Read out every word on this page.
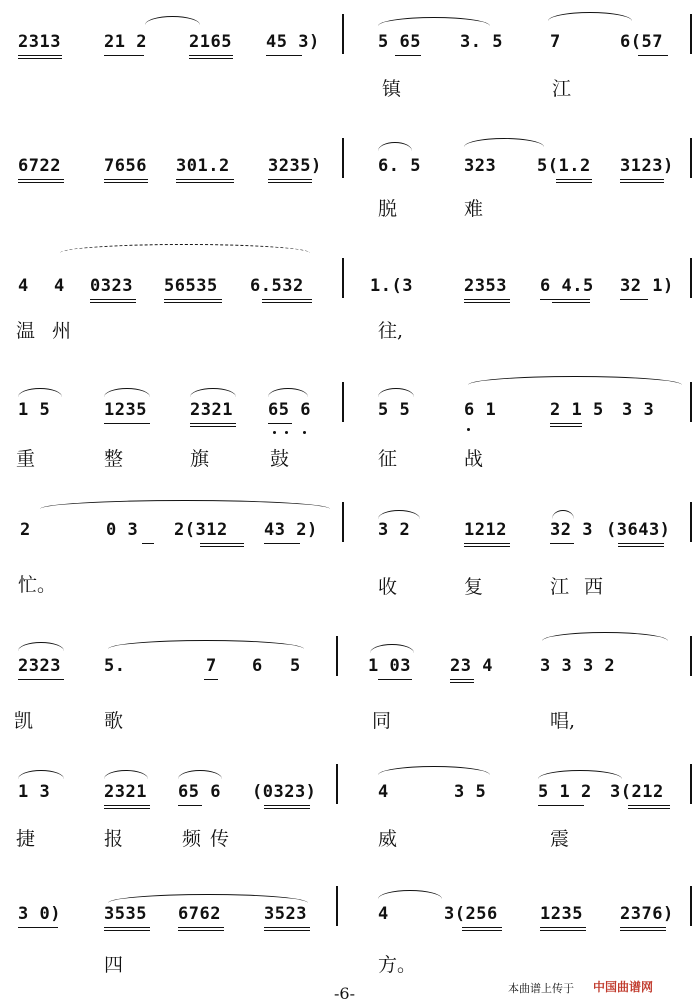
2313	21 2 2165 45 3)	5 65 3. 5	7	6(57
镇	江
6722	7656 301.2 3235)	6. 5	323 5(1.2 3123)
脱	难
4 4 0323 56535 6.532	1.(3	2353 6 4.5 32 1)
温 州	往,
1 5	1235	2321 65 6	5 5	6 1	2 1 5 3 3
重	整	旗	鼓	征	战
2	0 3 2(312 43 2)	3 2	1212	32 3 (3643)
忙。	收	复	江 西
2323	5.	7 6 5	1 03 23 4	3 3 3 2
凯	歌	同	唱,
1 3	2321 65 6 (0323)	4	3 5	5 1 2 3(212
捷	报	频 传	威	震
3 0)	3535 6762	3523	4	3(256 1235 2376)
四	方。
-6-	本曲谱上传于 中国曲谱网
